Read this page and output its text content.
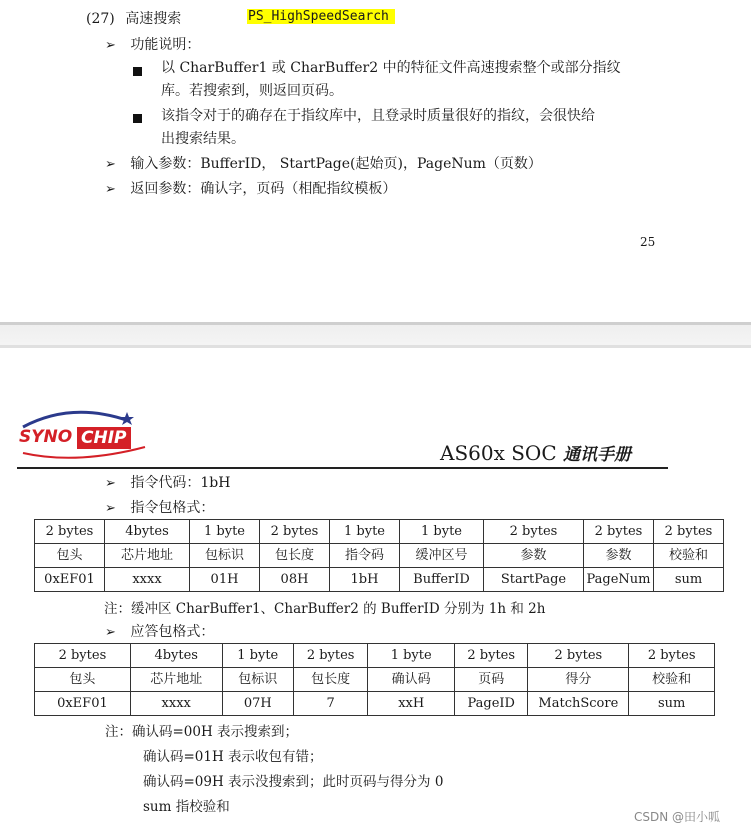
(27) 高速搜索	PS_HighSpeedSearch
➢ 功能说明：
以 CharBuffer1 或 CharBuffer2 中的特征文件高速搜索整个或部分指纹
库。若搜索到，则返回页码。
该指令对于的确存在于指纹库中，且登录时质量很好的指纹，会很快给
出搜索结果。
➢ 输入参数：BufferID， StartPage(起始页)，PageNum（页数）
➢ 返回参数：确认字，页码（相配指纹模板）
25
SYNO CHIP
AS60x SOC 通讯手册
➢ 指令代码：1bH
➢ 指令包格式：
2 bytes	4bytes	1 byte	2 bytes	1 byte	1 byte	2 bytes	2 bytes	2 bytes
包头	芯片地址	包标识	包长度	指令码	缓冲区号	参数	参数	校验和
0xEF01	xxxx	01H	08H	1bH	BufferID	StartPage	PageNum	sum
注：缓冲区 CharBuffer1、CharBuffer2 的 BufferID 分别为 1h 和 2h
➢ 应答包格式：
2 bytes	4bytes	1 byte	2 bytes	1 byte	2 bytes	2 bytes	2 bytes
包头	芯片地址	包标识	包长度	确认码	页码	得分	校验和
0xEF01	xxxx	07H	7	xxH	PageID	MatchScore	sum
注：确认码=00H 表示搜索到；
确认码=01H 表示收包有错；
确认码=09H 表示没搜索到；此时页码与得分为 0
sum 指校验和
CSDN @田小呱
